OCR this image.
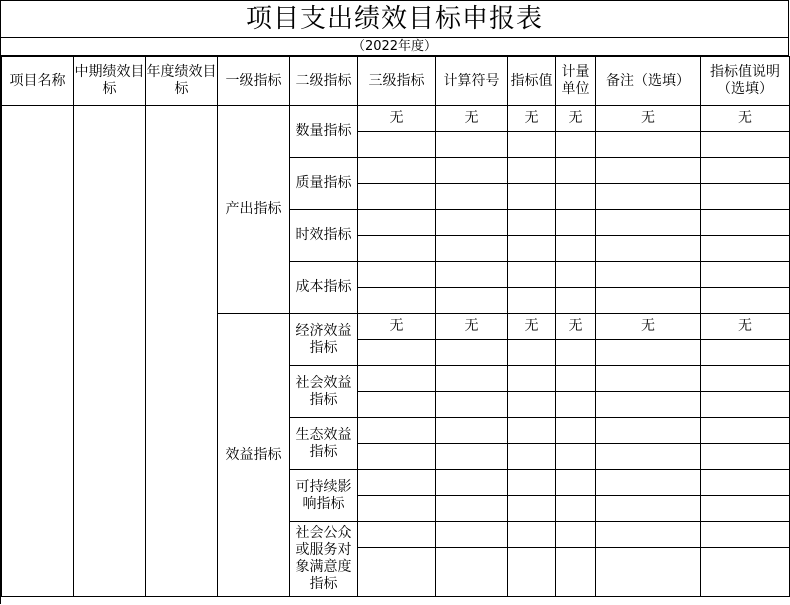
项目支出绩效目标申报表
（2022年度）
项目名称	中期绩效目标	年度绩效目标	一级指标	二级指标	三级指标	计算符号	指标值	计量单位	备注（选填）	指标值说明（选填）
			产出指标	数量指标	无	无	无	无	无	无

				质量指标						

				时效指标						

				成本指标						

			效益指标	经济效益指标	无	无	无	无	无	无

				社会效益指标						

				生态效益指标						

				可持续影响指标						

				社会公众或服务对象满意度指标						
